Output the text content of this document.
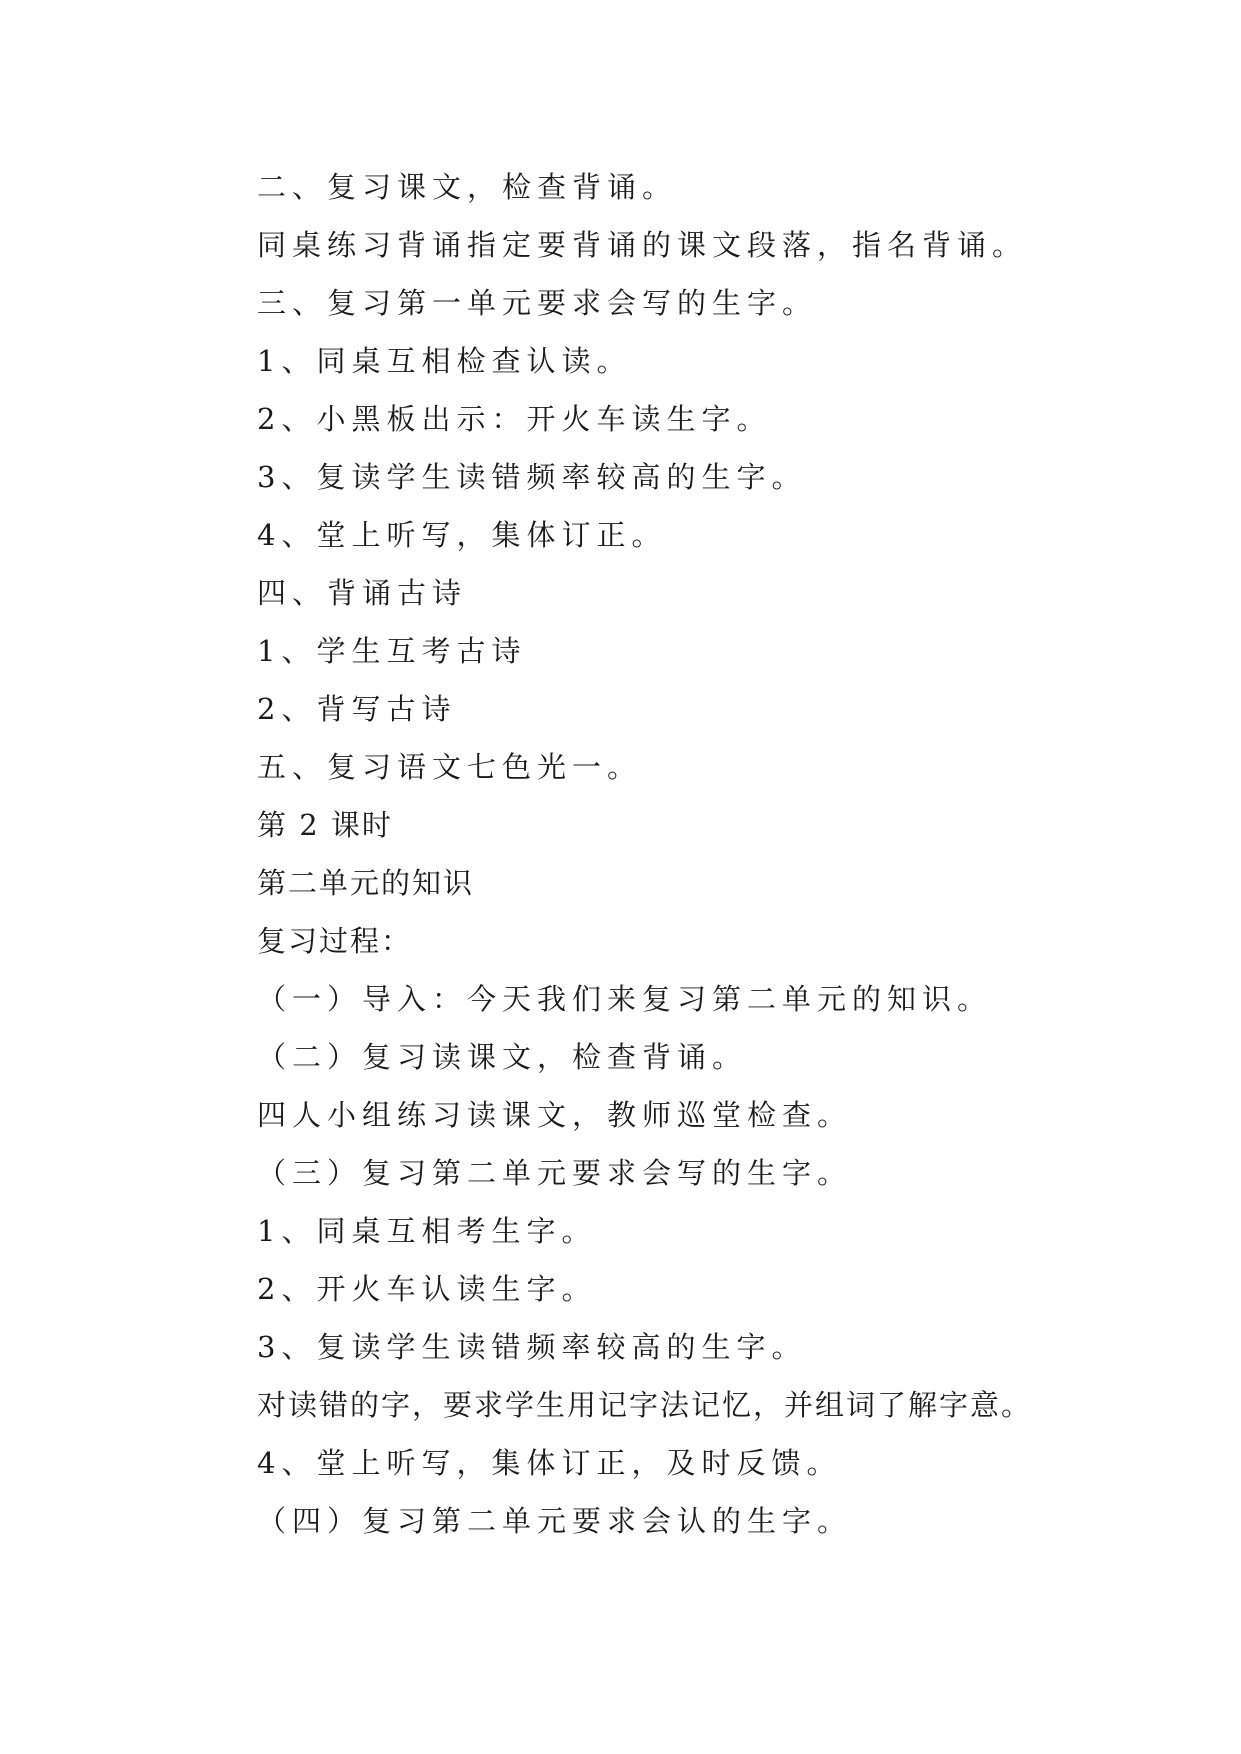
二、复习课文，检查背诵。
同桌练习背诵指定要背诵的课文段落，指名背诵。
三、复习第一单元要求会写的生字。
1、同桌互相检查认读。
2、小黑板出示：开火车读生字。
3、复读学生读错频率较高的生字。
4、堂上听写，集体订正。
四、背诵古诗
1、学生互考古诗
2、背写古诗
五、复习语文七色光一。
第 2 课时
第二单元的知识
复习过程：
（一）导入：今天我们来复习第二单元的知识。
（二）复习读课文，检查背诵。
四人小组练习读课文，教师巡堂检查。
（三）复习第二单元要求会写的生字。
1、同桌互相考生字。
2、开火车认读生字。
3、复读学生读错频率较高的生字。
对读错的字，要求学生用记字法记忆，并组词了解字意。
4、堂上听写，集体订正，及时反馈。
（四）复习第二单元要求会认的生字。
